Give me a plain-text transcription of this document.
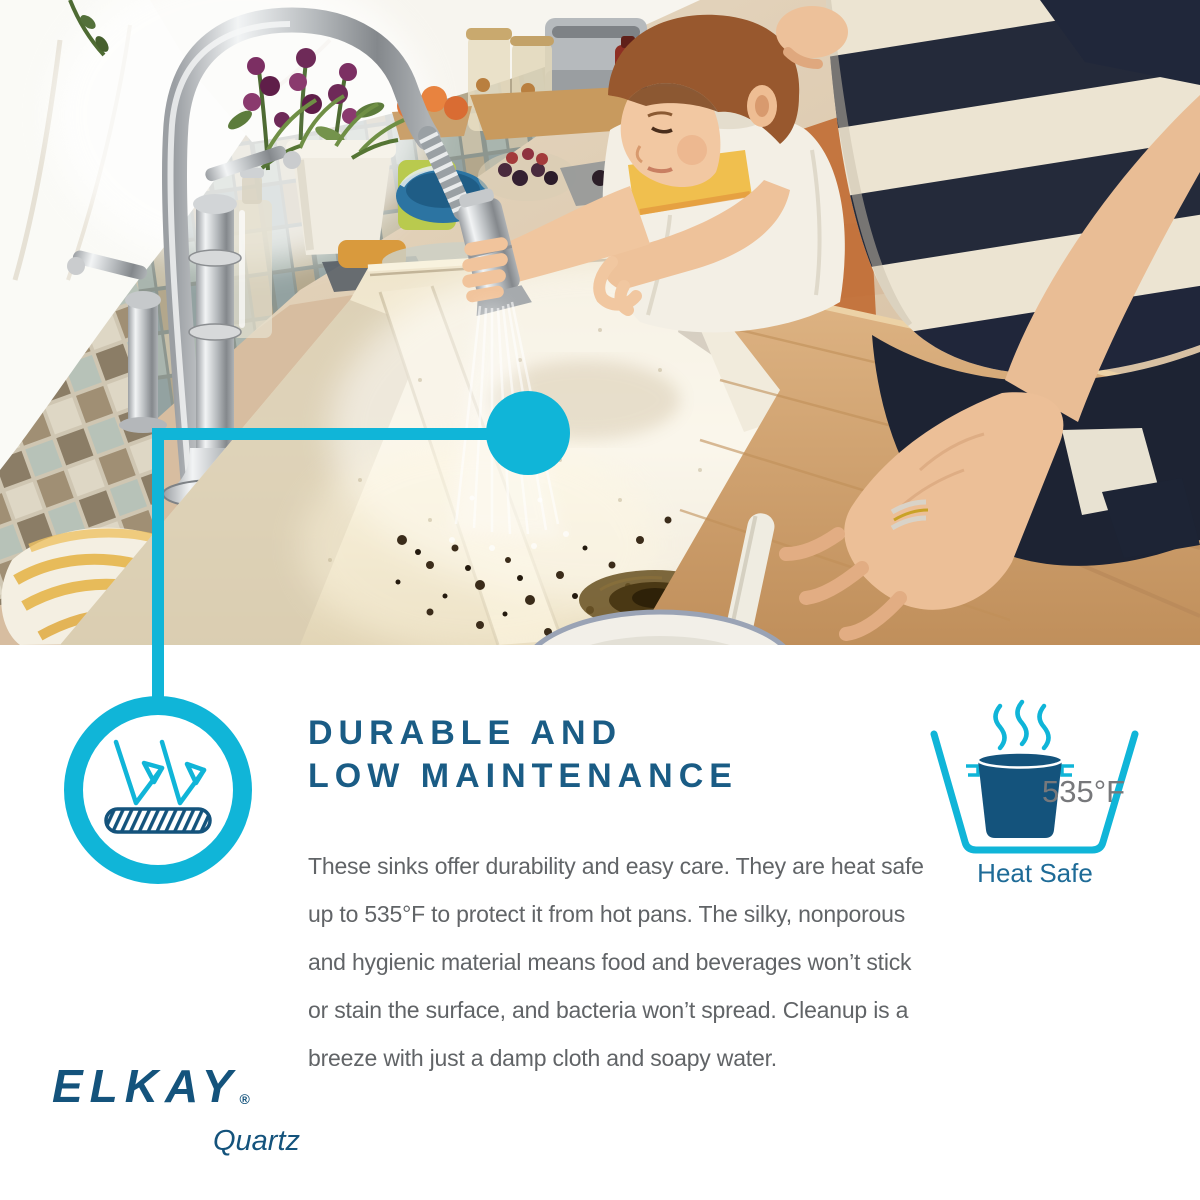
DURABLE AND
LOW MAINTENANCE
These sinks offer durability and easy care. They are heat safe
up to 535°F to protect it from hot pans. The silky, nonporous
and hygienic material means food and beverages won’t stick
or stain the surface, and bacteria won’t spread. Cleanup is a
breeze with just a damp cloth and soapy water.
535°F
Heat Safe
ELKAY®
Quartz
